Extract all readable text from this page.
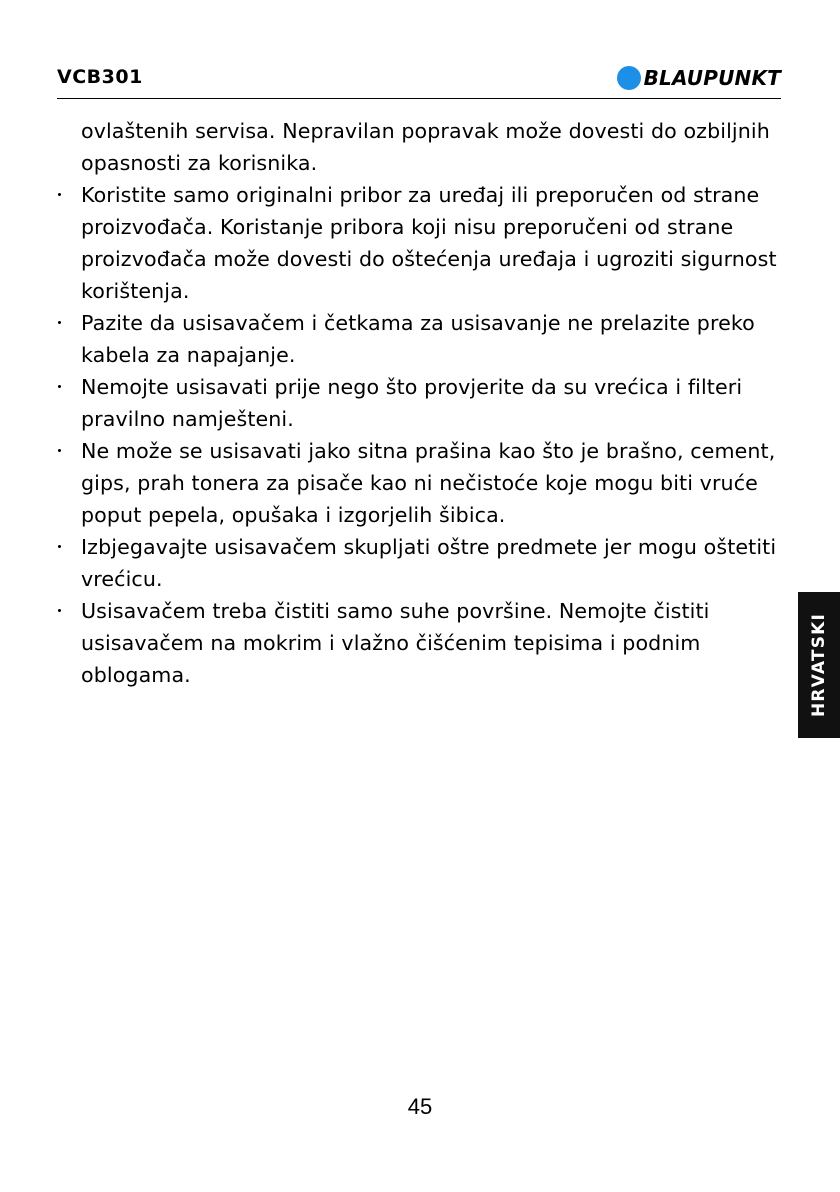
VCB301	BLAUPUNKT
ovlaštenih servisa. Nepravilan popravak može dovesti do ozbiljnih opasnosti za korisnika.
Koristite samo originalni pribor za uređaj ili preporučen od strane proizvođača. Koristanje pribora koji nisu preporučeni od strane proizvođača može dovesti do oštećenja uređaja i ugroziti sigurnost korištenja.
Pazite da usisavačem i četkama za usisavanje ne prelazite preko kabela za napajanje.
Nemojte usisavati prije nego što provjerite da su vrećica i filteri pravilno namješteni.
Ne može se usisavati jako sitna prašina kao što je brašno, cement, gips, prah tonera za pisače kao ni nečistoće koje mogu biti vruće poput pepela, opušaka i izgorjelih šibica.
Izbjegavajte usisavačem skupljati oštre predmete jer mogu oštetiti vrećicu.
Usisavačem treba čistiti samo suhe površine. Nemojte čistiti usisavačem na mokrim i vlažno čišćenim tepisima i podnim oblogama.	HRVATSKI
45
